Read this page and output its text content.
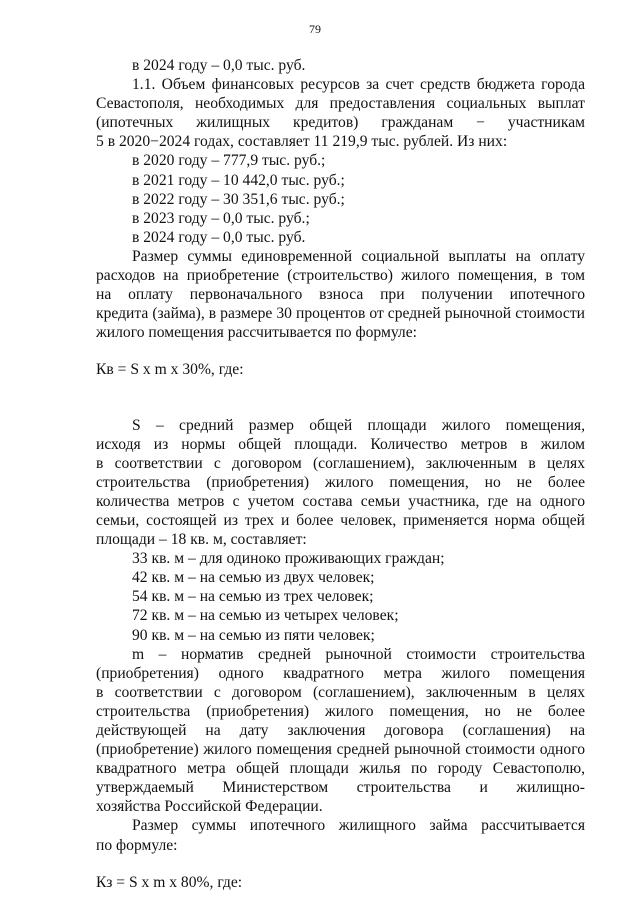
79
в 2024 году – 0,0 тыс. руб.
1.1. Объем финансовых ресурсов за счет средств бюджета города
Севастополя, необходимых для предоставления социальных выплат
(ипотечных жилищных кредитов) гражданам − участникам
5 в 2020−2024 годах, составляет 11 219,9 тыс. рублей. Из них:
в 2020 году – 777,9 тыс. руб.;
в 2021 году – 10 442,0 тыс. руб.;
в 2022 году – 30 351,6 тыс. руб.;
в 2023 году – 0,0 тыс. руб.;
в 2024 году – 0,0 тыс. руб.
Размер суммы единовременной социальной выплаты на оплату
расходов на приобретение (строительство) жилого помещения, в том
на оплату первоначального взноса при получении ипотечного
кредита (займа), в размере 30 процентов от средней рыночной стоимости
жилого помещения рассчитывается по формуле:
Кв = S x m x 30%, где:
S – средний размер общей площади жилого помещения,
исходя из нормы общей площади. Количество метров в жилом
в соответствии с договором (соглашением), заключенным в целях
строительства (приобретения) жилого помещения, но не более
количества метров с учетом состава семьи участника, где на одного
семьи, состоящей из трех и более человек, применяется норма общей
площади – 18 кв. м, составляет:
33 кв. м – для одиноко проживающих граждан;
42 кв. м – на семью из двух человек;
54 кв. м – на семью из трех человек;
72 кв. м – на семью из четырех человек;
90 кв. м – на семью из пяти человек;
m – норматив средней рыночной стоимости строительства
(приобретения) одного квадратного метра жилого помещения
в соответствии с договором (соглашением), заключенным в целях
строительства (приобретения) жилого помещения, но не более
действующей на дату заключения договора (соглашения) на
(приобретение) жилого помещения средней рыночной стоимости одного
квадратного метра общей площади жилья по городу Севастополю,
утверждаемый Министерством строительства и жилищно-
хозяйства Российской Федерации.
Размер суммы ипотечного жилищного займа рассчитывается
по формуле:
Кз = S x m x 80%, где:
